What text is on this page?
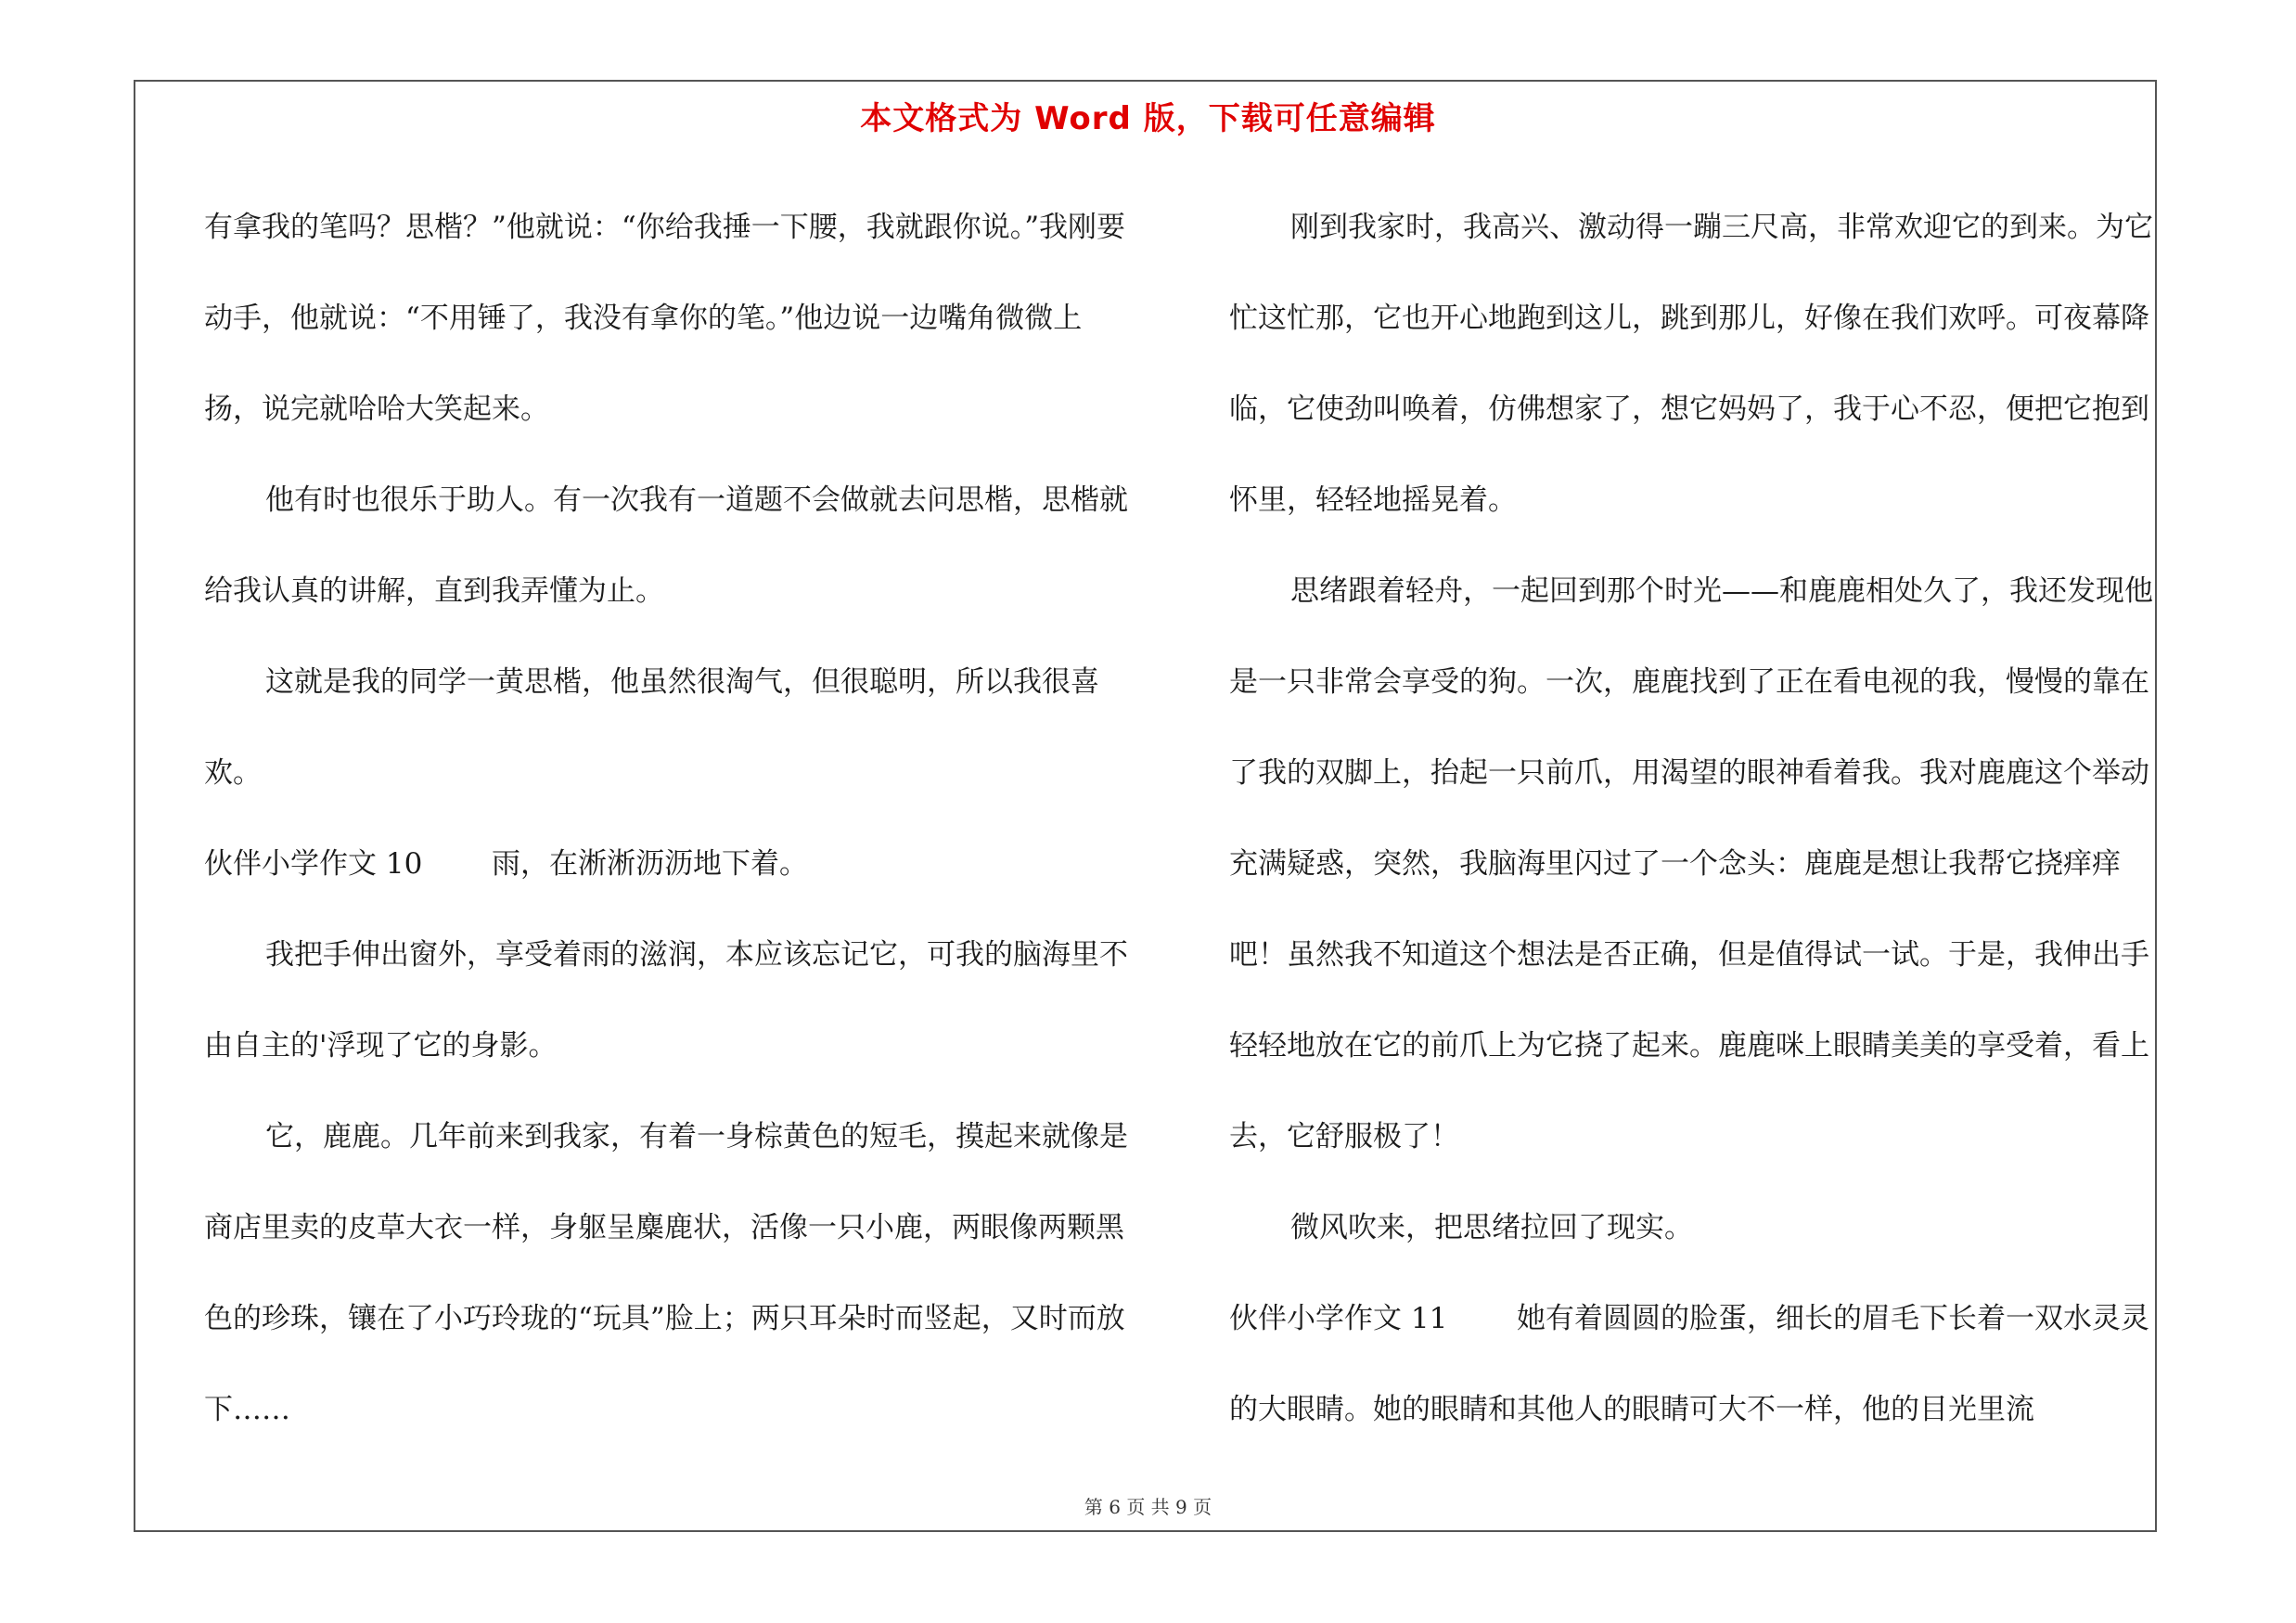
本文格式为 Word 版，下载可任意编辑

有拿我的笔吗？思楷？”他就说：“你给我捶一下腰，我就跟你说。”我刚要动手，他就说：“不用锤了，我没有拿你的笔。”他边说一边嘴角微微上扬，说完就哈哈大笑起来。

他有时也很乐于助人。有一次我有一道题不会做就去问思楷，思楷就给我认真的讲解，直到我弄懂为止。

这就是我的同学一黄思楷，他虽然很淘气，但很聪明，所以我很喜欢。

伙伴小学作文 10 雨，在淅淅沥沥地下着。

我把手伸出窗外，享受着雨的滋润，本应该忘记它，可我的脑海里不由自主的'浮现了它的身影。

它，鹿鹿。几年前来到我家，有着一身棕黄色的短毛，摸起来就像是商店里卖的皮草大衣一样，身躯呈麋鹿状，活像一只小鹿，两眼像两颗黑色的珍珠，镶在了小巧玲珑的“玩具”脸上；两只耳朵时而竖起，又时而放下……

刚到我家时，我高兴、激动得一蹦三尺高，非常欢迎它的到来。为它忙这忙那，它也开心地跑到这儿，跳到那儿，好像在我们欢呼。可夜幕降临，它使劲叫唤着，仿佛想家了，想它妈妈了，我于心不忍，便把它抱到怀里，轻轻地摇晃着。

思绪跟着轻舟，一起回到那个时光——和鹿鹿相处久了，我还发现他是一只非常会享受的狗。一次，鹿鹿找到了正在看电视的我，慢慢的靠在了我的双脚上，抬起一只前爪，用渴望的眼神看着我。我对鹿鹿这个举动充满疑惑，突然，我脑海里闪过了一个念头：鹿鹿是想让我帮它挠痒痒吧！虽然我不知道这个想法是否正确，但是值得试一试。于是，我伸出手轻轻地放在它的前爪上为它挠了起来。鹿鹿咪上眼睛美美的享受着，看上去，它舒服极了！

微风吹来，把思绪拉回了现实。

伙伴小学作文 11 她有着圆圆的脸蛋，细长的眉毛下长着一双水灵灵的大眼睛。她的眼睛和其他人的眼睛可大不一样，他的目光里流

第 6 页 共 9 页
